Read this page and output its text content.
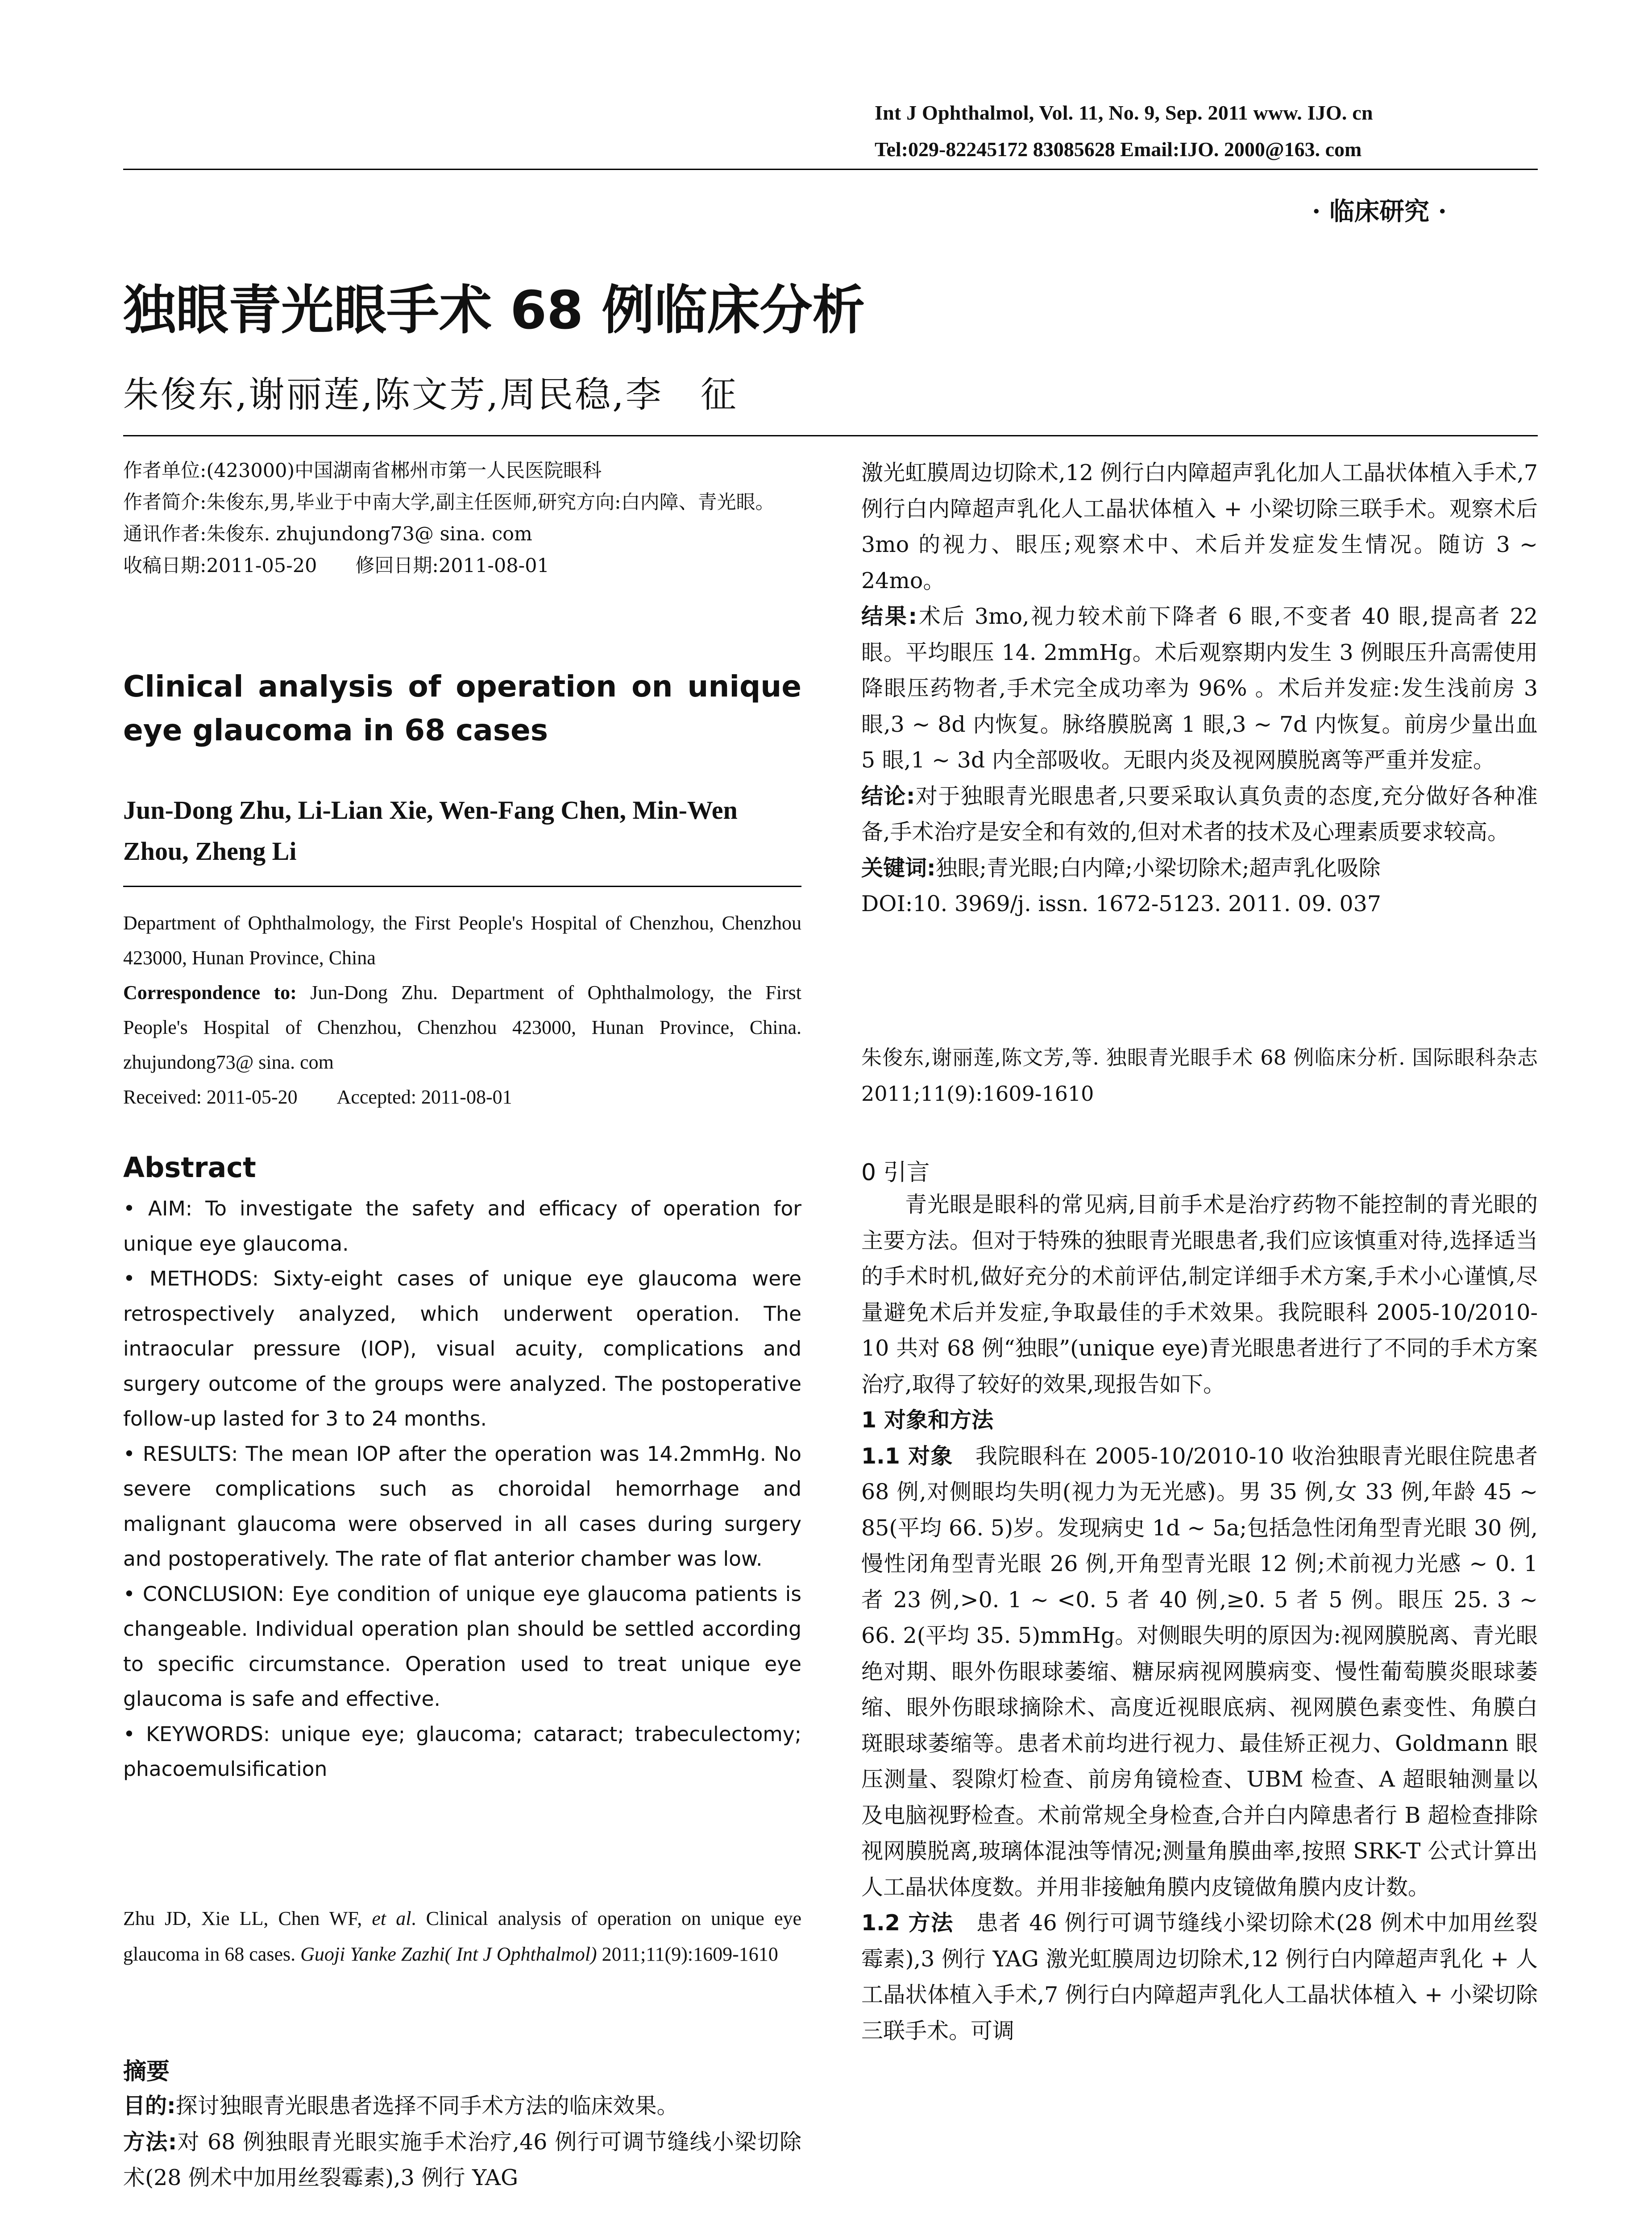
Int J Ophthalmol, Vol. 11, No. 9, Sep. 2011 www. IJO. cn
Tel:029-82245172 83085628 Email:IJO. 2000@163. com
· 临床研究 ·
独眼青光眼手术 68 例临床分析
朱俊东,谢丽莲,陈文芳,周民稳,李　征
作者单位:(423000)中国湖南省郴州市第一人民医院眼科
作者简介:朱俊东,男,毕业于中南大学,副主任医师,研究方向:白内障、青光眼。
通讯作者:朱俊东. zhujundong73@ sina. com
收稿日期:2011-05-20　　修回日期:2011-08-01
Clinical analysis of operation on unique eye glaucoma in 68 cases
Jun-Dong Zhu, Li-Lian Xie, Wen-Fang Chen, Min-Wen Zhou, Zheng Li
Department of Ophthalmology, the First People's Hospital of Chenzhou, Chenzhou 423000, Hunan Province, China
Correspondence to: Jun-Dong Zhu. Department of Ophthalmology, the First People's Hospital of Chenzhou, Chenzhou 423000, Hunan Province, China. zhujundong73@ sina. com
Received: 2011-05-20　　Accepted: 2011-08-01
Abstract

• AIM: To investigate the safety and efficacy of operation for unique eye glaucoma.

• METHODS: Sixty-eight cases of unique eye glaucoma were retrospectively analyzed, which underwent operation. The intraocular pressure (IOP), visual acuity, complications and surgery outcome of the groups were analyzed. The postoperative follow-up lasted for 3 to 24 months.

• RESULTS: The mean IOP after the operation was 14.2mmHg. No severe complications such as choroidal hemorrhage and malignant glaucoma were observed in all cases during surgery and postoperatively. The rate of flat anterior chamber was low.

• CONCLUSION: Eye condition of unique eye glaucoma patients is changeable. Individual operation plan should be settled according to specific circumstance. Operation used to treat unique eye glaucoma is safe and effective.

• KEYWORDS: unique eye; glaucoma; cataract; trabeculectomy; phacoemulsification

Zhu JD, Xie LL, Chen WF, et al. Clinical analysis of operation on unique eye glaucoma in 68 cases. Guoji Yanke Zazhi( Int J Ophthalmol) 2011;11(9):1609-1610
摘要

目的:探讨独眼青光眼患者选择不同手术方法的临床效果。

方法:对 68 例独眼青光眼实施手术治疗,46 例行可调节缝线小梁切除术(28 例术中加用丝裂霉素),3 例行 YAG

激光虹膜周边切除术,12 例行白内障超声乳化加人工晶状体植入手术,7 例行白内障超声乳化人工晶状体植入 + 小梁切除三联手术。观察术后 3mo 的视力、眼压;观察术中、术后并发症发生情况。随访 3 ~ 24mo。

结果:术后 3mo,视力较术前下降者 6 眼,不变者 40 眼,提高者 22 眼。平均眼压 14. 2mmHg。术后观察期内发生 3 例眼压升高需使用降眼压药物者,手术完全成功率为 96% 。术后并发症:发生浅前房 3 眼,3 ~ 8d 内恢复。脉络膜脱离 1 眼,3 ~ 7d 内恢复。前房少量出血 5 眼,1 ~ 3d 内全部吸收。无眼内炎及视网膜脱离等严重并发症。

结论:对于独眼青光眼患者,只要采取认真负责的态度,充分做好各种准备,手术治疗是安全和有效的,但对术者的技术及心理素质要求较高。

关键词:独眼;青光眼;白内障;小梁切除术;超声乳化吸除

DOI:10. 3969/j. issn. 1672-5123. 2011. 09. 037

朱俊东,谢丽莲,陈文芳,等. 独眼青光眼手术 68 例临床分析. 国际眼科杂志 2011;11(9):1609-1610
0 引言

青光眼是眼科的常见病,目前手术是治疗药物不能控制的青光眼的主要方法。但对于特殊的独眼青光眼患者,我们应该慎重对待,选择适当的手术时机,做好充分的术前评估,制定详细手术方案,手术小心谨慎,尽量避免术后并发症,争取最佳的手术效果。我院眼科 2005-10/2010-10 共对 68 例“独眼”(unique eye)青光眼患者进行了不同的手术方案治疗,取得了较好的效果,现报告如下。

1 对象和方法

1.1 对象　我院眼科在 2005-10/2010-10 收治独眼青光眼住院患者 68 例,对侧眼均失明(视力为无光感)。男 35 例,女 33 例,年龄 45 ~ 85(平均 66. 5)岁。发现病史 1d ~ 5a;包括急性闭角型青光眼 30 例,慢性闭角型青光眼 26 例,开角型青光眼 12 例;术前视力光感 ~ 0. 1 者 23 例,>0. 1 ~ <0. 5 者 40 例,≥0. 5 者 5 例。眼压 25. 3 ~ 66. 2(平均 35. 5)mmHg。对侧眼失明的原因为:视网膜脱离、青光眼绝对期、眼外伤眼球萎缩、糖尿病视网膜病变、慢性葡萄膜炎眼球萎缩、眼外伤眼球摘除术、高度近视眼底病、视网膜色素变性、角膜白斑眼球萎缩等。患者术前均进行视力、最佳矫正视力、Goldmann 眼压测量、裂隙灯检查、前房角镜检查、UBM 检查、A 超眼轴测量以及电脑视野检查。术前常规全身检查,合并白内障患者行 B 超检查排除视网膜脱离,玻璃体混浊等情况;测量角膜曲率,按照 SRK-T 公式计算出人工晶状体度数。并用非接触角膜内皮镜做角膜内皮计数。

1.2 方法　患者 46 例行可调节缝线小梁切除术(28 例术中加用丝裂霉素),3 例行 YAG 激光虹膜周边切除术,12 例行白内障超声乳化 + 人工晶状体植入手术,7 例行白内障超声乳化人工晶状体植入 + 小梁切除三联手术。可调
